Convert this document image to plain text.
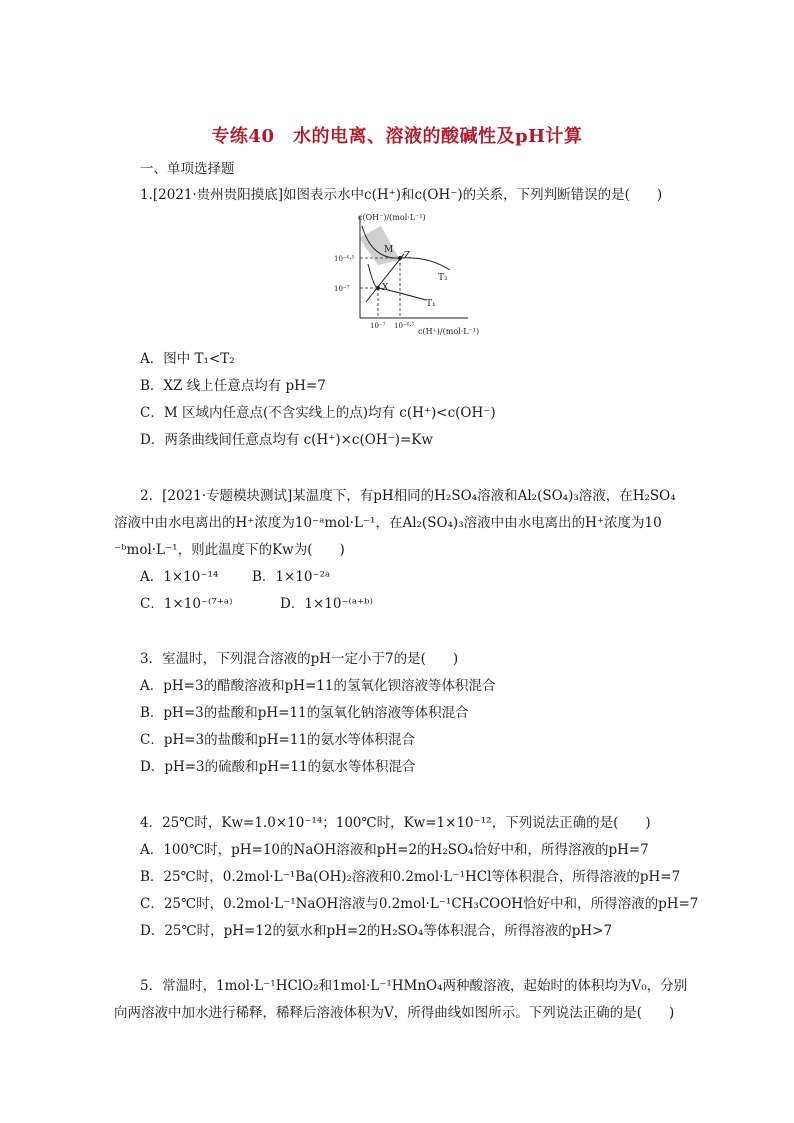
专练40　水的电离、溶液的酸碱性及pH计算
一、单项选择题
1.[2021·贵州贵阳摸底]如图表示水中c(H⁺)和c(OH⁻)的关系，下列判断错误的是(　　)
c(OH⁻)/(mol·L⁻¹)
c(H⁺)/(mol·L⁻¹)
10⁻⁶·⁵
10⁻⁷
10⁻⁷ 10⁻⁶·⁵
M
Z
X
T₂
T₁
A．图中 T₁<T₂
B．XZ 线上任意点均有 pH=7
C．M 区域内任意点(不含实线上的点)均有 c(H⁺)<c(OH⁻)
D．两条曲线间任意点均有 c(H⁺)×c(OH⁻)=Kw
2．[2021·专题模块测试]某温度下，有pH相同的H₂SO₄溶液和Al₂(SO₄)₃溶液，在H₂SO₄
溶液中由水电离出的H⁺浓度为10⁻ᵃmol·L⁻¹，在Al₂(SO₄)₃溶液中由水电离出的H⁺浓度为10
⁻ᵇmol·L⁻¹，则此温度下的Kw为(　　)
A．1×10⁻¹⁴ B．1×10⁻²ᵃ
C．1×10⁻⁽⁷⁺ᵃ⁾	D．1×10⁻⁽ᵃ⁺ᵇ⁾
3．室温时，下列混合溶液的pH一定小于7的是(　　)
A．pH=3的醋酸溶液和pH=11的氢氧化钡溶液等体积混合
B．pH=3的盐酸和pH=11的氢氧化钠溶液等体积混合
C．pH=3的盐酸和pH=11的氨水等体积混合
D．pH=3的硫酸和pH=11的氨水等体积混合
4．25℃时，Kw=1.0×10⁻¹⁴；100℃时，Kw=1×10⁻¹²，下列说法正确的是(　　)
A．100℃时，pH=10的NaOH溶液和pH=2的H₂SO₄恰好中和，所得溶液的pH=7
B．25℃时，0.2mol·L⁻¹Ba(OH)₂溶液和0.2mol·L⁻¹HCl等体积混合，所得溶液的pH=7
C．25℃时，0.2mol·L⁻¹NaOH溶液与0.2mol·L⁻¹CH₃COOH恰好中和，所得溶液的pH=7
D．25℃时，pH=12的氨水和pH=2的H₂SO₄等体积混合，所得溶液的pH>7
5．常温时，1mol·L⁻¹HClO₂和1mol·L⁻¹HMnO₄两种酸溶液，起始时的体积均为V₀，分别
向两溶液中加水进行稀释，稀释后溶液体积为V，所得曲线如图所示。下列说法正确的是(　　)
